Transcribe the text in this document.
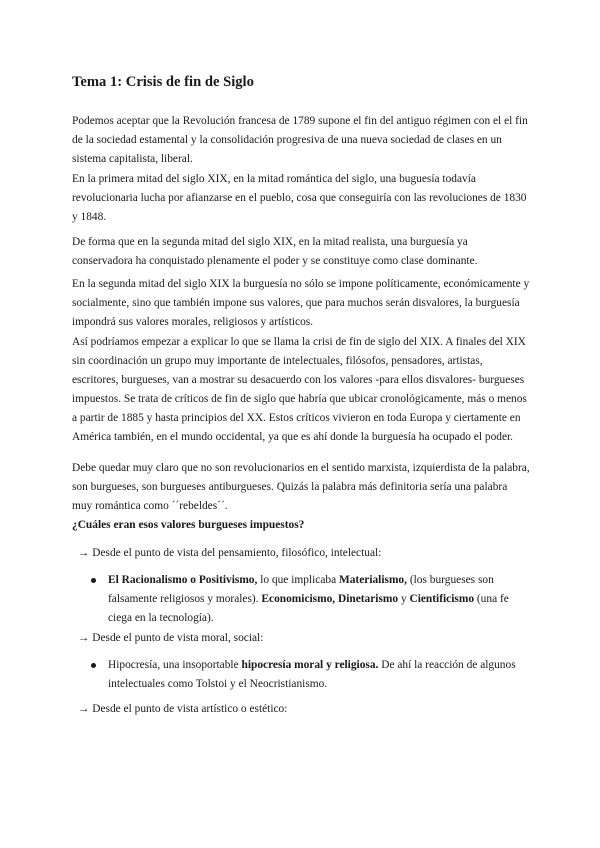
Tema 1: Crisis de fin de Siglo

Podemos aceptar que la Revolución francesa de 1789 supone el fin del antiguo régimen con el el fin de la sociedad estamental y la consolidación progresiva de una nueva sociedad de clases en un sistema capitalista, liberal.

En la primera mitad del siglo XIX, en la mitad romántica del siglo, una buguesía todavía revolucionaria lucha por afianzarse en el pueblo, cosa que conseguiría con las revoluciones de 1830 y 1848.

De forma que en la segunda mitad del siglo XIX, en la mitad realista, una burguesía ya conservadora ha conquistado plenamente el poder y se constituye como clase dominante.

En la segunda mitad del siglo XIX la burguesía no sólo se impone políticamente, económicamente y socialmente, sino que también impone sus valores, que para muchos serán disvalores, la burguesía impondrá sus valores morales, religiosos y artísticos.

Así podríamos empezar a explicar lo que se llama la crisi de fin de siglo del XIX. A finales del XIX sin coordinación un grupo muy importante de intelectuales, filósofos, pensadores, artistas, escritores, burgueses, van a mostrar su desacuerdo con los valores -para ellos disvalores- burgueses impuestos. Se trata de críticos de fin de siglo que habría que ubicar cronológicamente, más o menos a partir de 1885 y hasta principios del XX. Estos críticos vivieron en toda Europa y ciertamente en América también, en el mundo occidental, ya que es ahí donde la burguesía ha ocupado el poder.

Debe quedar muy claro que no son revolucionarios en el sentido marxista, izquierdista de la palabra, son burgueses, son burgueses antiburgueses. Quizás la palabra más definitoria sería una palabra muy romántica como ´´rebeldes´´.

¿Cuáles eran esos valores burgueses impuestos?

→ Desde el punto de vista del pensamiento, filosófico, intelectual:

El Racionalismo o Positivismo, lo que implicaba Materialismo, (los burgueses son falsamente religiosos y morales). Economicismo, Dinetarismo y Cientificismo (una fe ciega en la tecnología).

→ Desde el punto de vista moral, social:

Hipocresía, una insoportable hipocresía moral y religiosa. De ahí la reacción de algunos intelectuales como Tolstoi y el Neocristianismo.

→ Desde el punto de vista artístico o estético:
